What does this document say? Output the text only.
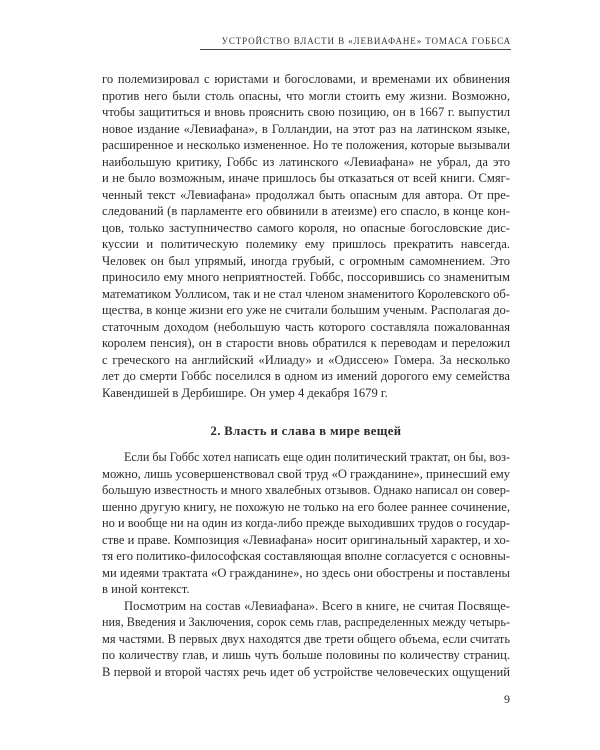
УСТРОЙСТВО ВЛАСТИ В «ЛЕВИАФАНЕ» ТОМАСА ГОББСА
го полемизировал с юристами и богословами, и временами их обвинения
против него были столь опасны, что могли стоить ему жизни. Возможно,
чтобы защититься и вновь прояснить свою позицию, он в 1667 г. выпустил
новое издание «Левиафана», в Голландии, на этот раз на латинском языке,
расширенное и несколько измененное. Но те положения, которые вызывали
наибольшую критику, Гоббс из латинского «Левиафана» не убрал, да это
и не было возможным, иначе пришлось бы отказаться от всей книги. Смяг-
ченный текст «Левиафана» продолжал быть опасным для автора. От пре-
следований (в парламенте его обвинили в атеизме) его спасло, в конце кон-
цов, только заступничество самого короля, но опасные богословские дис-
куссии и политическую полемику ему пришлось прекратить навсегда.
Человек он был упрямый, иногда грубый, с огромным самомнением. Это
приносило ему много неприятностей. Гоббс, поссорившись со знаменитым
математиком Уоллисом, так и не стал членом знаменитого Королевского об-
щества, в конце жизни его уже не считали большим ученым. Располагая до-
статочным доходом (небольшую часть которого составляла пожалованная
королем пенсия), он в старости вновь обратился к переводам и переложил
с греческого на английский «Илиаду» и «Одиссею» Гомера. За несколько
лет до смерти Гоббс поселился в одном из имений дорогого ему семейства
Кавендишей в Дербишире. Он умер 4 декабря 1679 г.
2. Власть и слава в мире вещей
Если бы Гоббс хотел написать еще один политический трактат, он бы, воз-
можно, лишь усовершенствовал свой труд «О гражданине», принесший ему
большую известность и много хвалебных отзывов. Однако написал он совер-
шенно другую книгу, не похожую не только на его более раннее сочинение,
но и вообще ни на один из когда-либо прежде выходивших трудов о государ-
стве и праве. Композиция «Левиафана» носит оригинальный характер, и хо-
тя его политико-философская составляющая вполне согласуется с основны-
ми идеями трактата «О гражданине», но здесь они обострены и поставлены
в иной контекст.
Посмотрим на состав «Левиафана». Всего в книге, не считая Посвяще-
ния, Введения и Заключения, сорок семь глав, распределенных между четырь-
мя частями. В первых двух находятся две трети общего объема, если считать
по количеству глав, и лишь чуть больше половины по количеству страниц.
В первой и второй частях речь идет об устройстве человеческих ощущений
9
